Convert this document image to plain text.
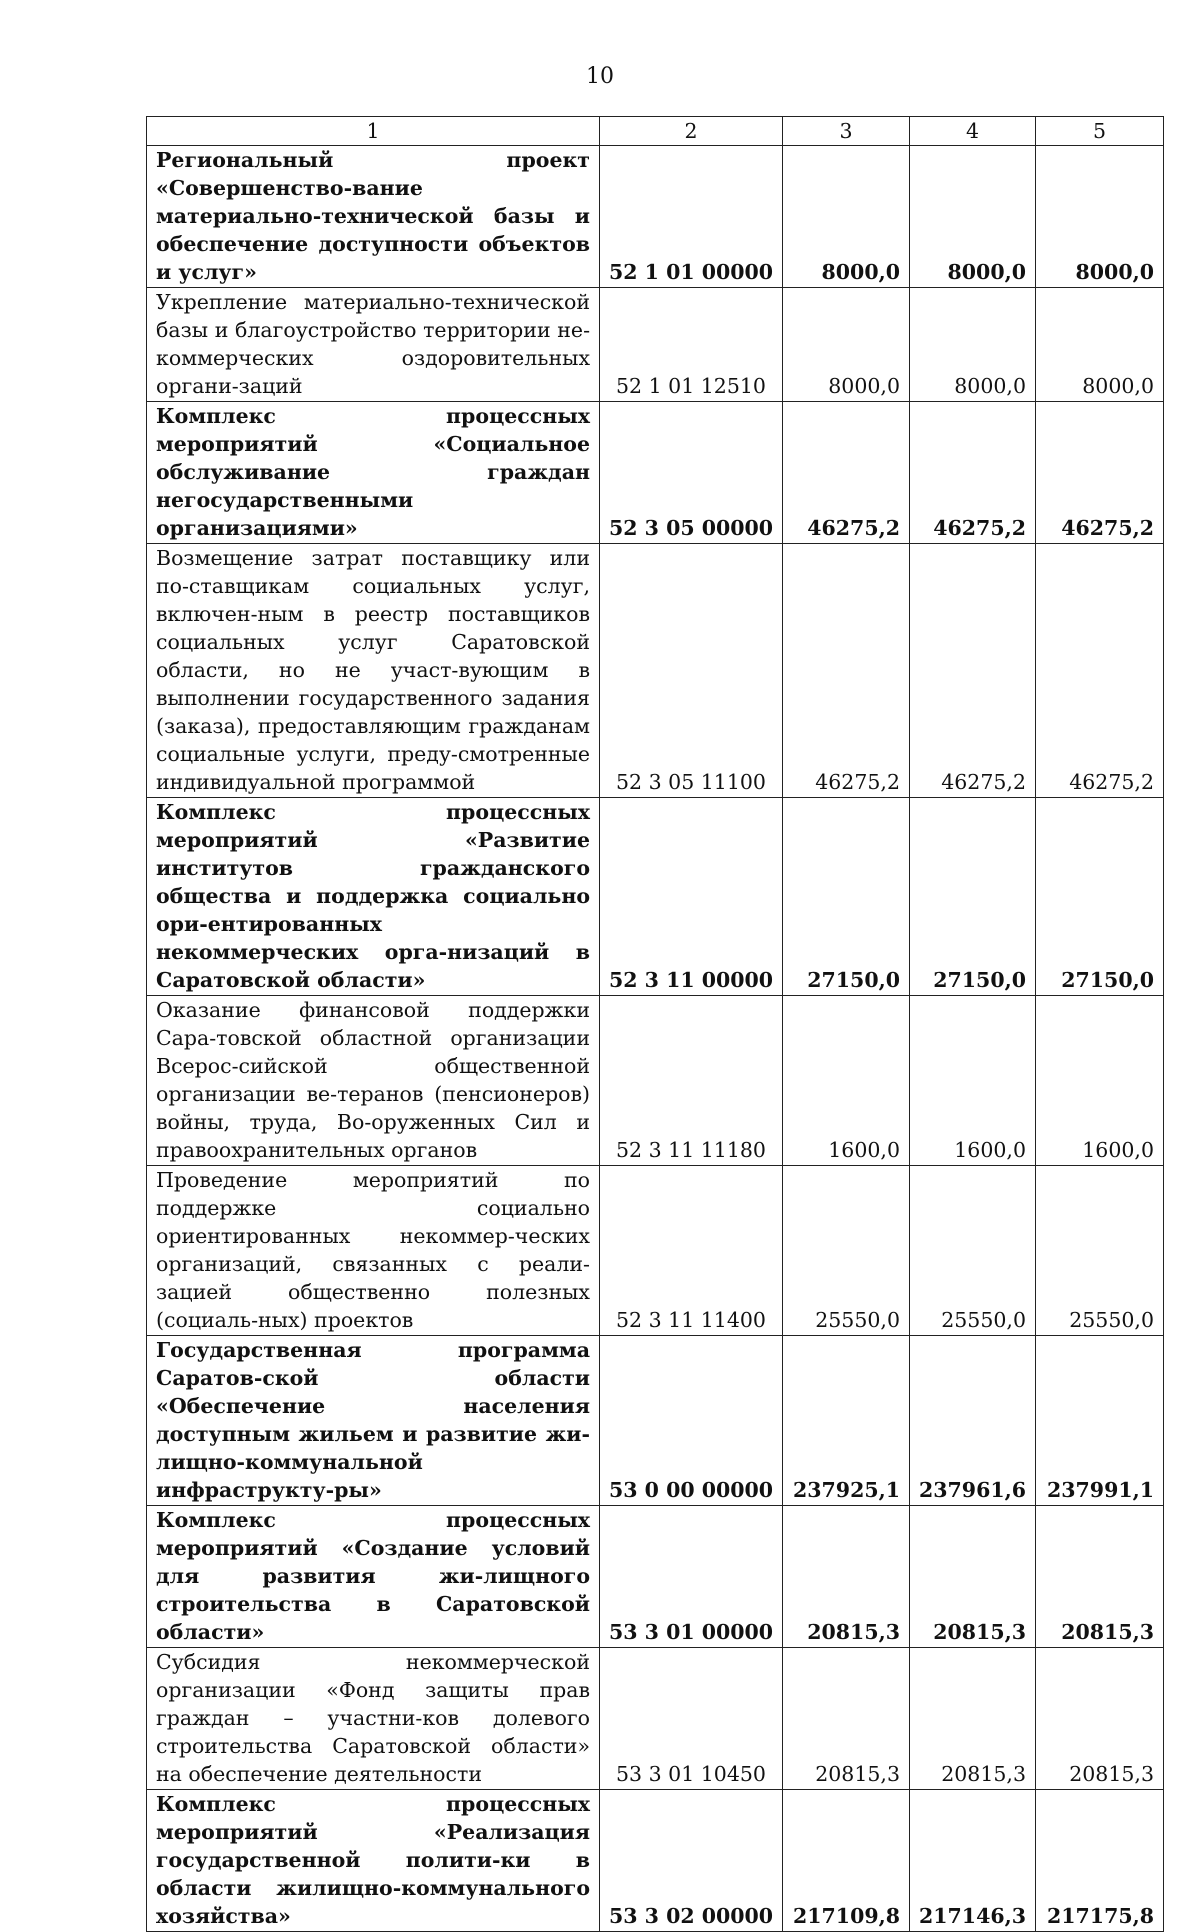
10
1	2	3	4	5
Региональный проект «Совершенство-вание материально-технической базы и обеспечение доступности объектов и услуг»	52 1 01 00000	8000,0	8000,0	8000,0
Укрепление материально-технической базы и благоустройство территории не-коммерческих оздоровительных органи-заций	52 1 01 12510	8000,0	8000,0	8000,0
Комплекс процессных мероприятий «Социальное обслуживание граждан негосударственными организациями»	52 3 05 00000	46275,2	46275,2	46275,2
Возмещение затрат поставщику или по-ставщикам социальных услуг, включен-ным в реестр поставщиков социальных услуг Саратовской области, но не участ-вующим в выполнении государственного задания (заказа), предоставляющим гражданам социальные услуги, преду-смотренные индивидуальной программой	52 3 05 11100	46275,2	46275,2	46275,2
Комплекс процессных мероприятий «Развитие институтов гражданского общества и поддержка социально ори-ентированных некоммерческих орга-низаций в Саратовской области»	52 3 11 00000	27150,0	27150,0	27150,0
Оказание финансовой поддержки Сара-товской областной организации Всерос-сийской общественной организации ве-теранов (пенсионеров) войны, труда, Во-оруженных Сил и правоохранительных органов	52 3 11 11180	1600,0	1600,0	1600,0
Проведение мероприятий по поддержке социально ориентированных некоммер-ческих организаций, связанных с реали-зацией общественно полезных (социаль-ных) проектов	52 3 11 11400	25550,0	25550,0	25550,0
Государственная программа Саратов-ской области «Обеспечение населения доступным жильем и развитие жи-лищно-коммунальной инфраструкту-ры»	53 0 00 00000	237925,1	237961,6	237991,1
Комплекс процессных мероприятий «Создание условий для развития жи-лищного строительства в Саратовской области»	53 3 01 00000	20815,3	20815,3	20815,3
Субсидия некоммерческой организации «Фонд защиты прав граждан – участни-ков долевого строительства Саратовской области» на обеспечение деятельности	53 3 01 10450	20815,3	20815,3	20815,3
Комплекс процессных мероприятий «Реализация государственной полити-ки в области жилищно-коммунального хозяйства»	53 3 02 00000	217109,8	217146,3	217175,8
